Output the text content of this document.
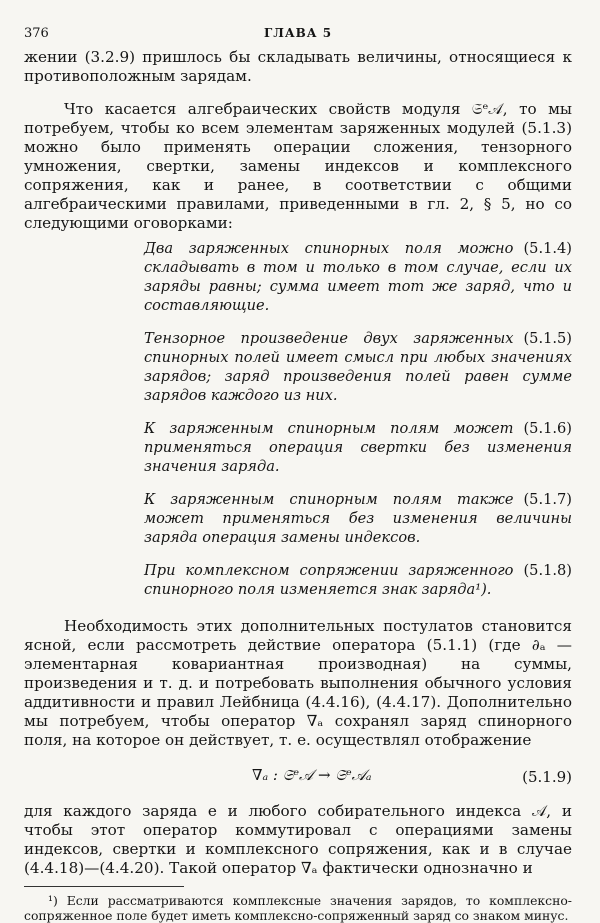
376	ГЛАВА 5

жении (3.2.9) пришлось бы складывать величины, относящиеся к противоположным зарядам.

Что касается алгебраических свойств модуля 𝔖ᵉ𝒜, то мы потребуем, чтобы ко всем элементам заряженных модулей (5.1.3) можно было применять операции сложения, тензорного умножения, свертки, замены индексов и комплексного сопряжения, как и ранее, в соответствии с общими алгебраическими правилами, приведенными в гл. 2, § 5, но со следующими оговорками:

(5.1.4)
Два заряженных спинорных поля можно складывать в том и только в том случае, если их заряды равны; сумма имеет тот же заряд, что и составляющие.

(5.1.5)
Тензорное произведение двух заряженных спинорных полей имеет смысл при любых значениях зарядов; заряд произведения полей равен сумме зарядов каждого из них.

(5.1.6)
К заряженным спинорным полям может применяться операция свертки без изменения значения заряда.

(5.1.7)
К заряженным спинорным полям также может применяться без изменения величины заряда операция замены индексов.

(5.1.8)
При комплексном сопряжении заряженного спинорного поля изменяется знак заряда¹).

Необходимость этих дополнительных постулатов становится ясной, если рассмотреть действие оператора (5.1.1) (где ∂ₐ — элементарная ковариантная производная) на суммы, произведения и т. д. и потребовать выполнения обычного условия аддитивности и правил Лейбница (4.4.16), (4.4.17). Дополнительно мы потребуем, чтобы оператор ∇ₐ сохранял заряд спинорного поля, на которое он действует, т. е. осуществлял отображение

∇ₐ : 𝔖ᵉ𝒜 → 𝔖ᵉ𝒜ₐ	(5.1.9)

для каждого заряда e и любого собирательного индекса 𝒜, и чтобы этот оператор коммутировал с операциями замены индексов, свертки и комплексного сопряжения, как и в случае (4.4.18)—(4.4.20). Такой оператор ∇ₐ фактически однозначно и

¹) Если рассматриваются комплексные значения зарядов, то комплексно-сопряженное поле будет иметь комплексно-сопряженный заряд со знаком минус.
